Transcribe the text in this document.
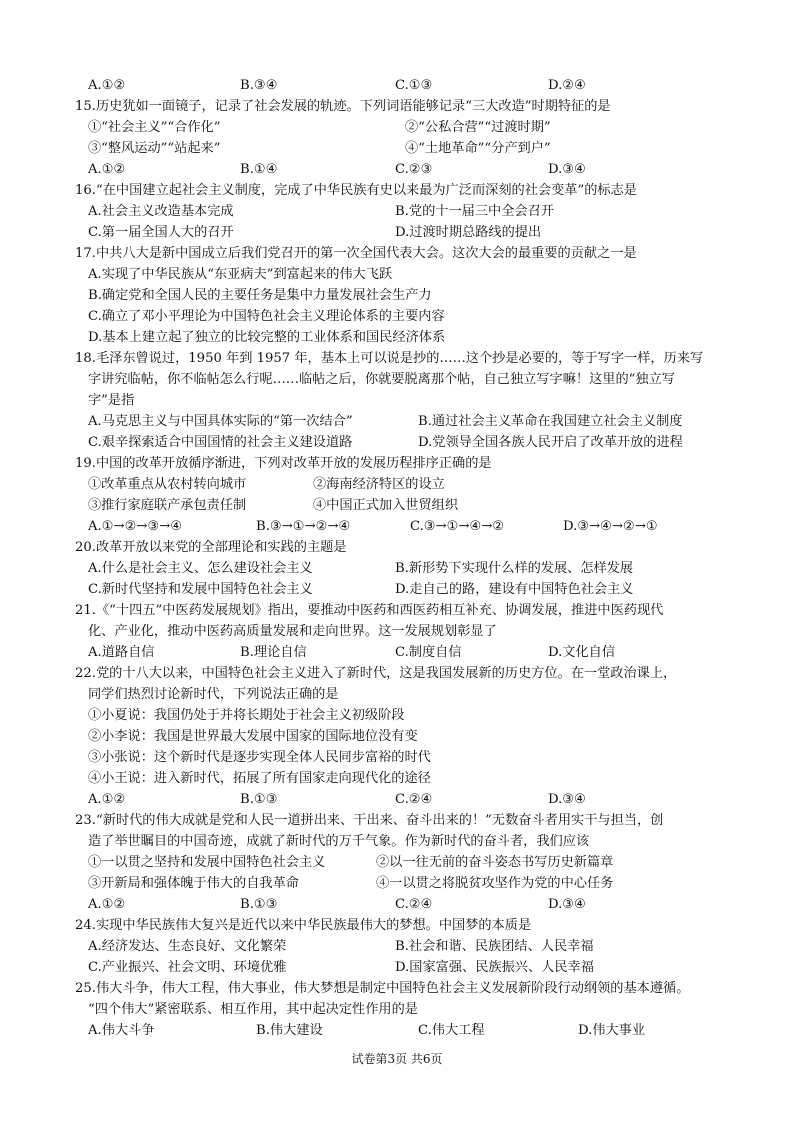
A.①②	B.③④	C.①③	D.②④
15.历史犹如一面镜子，记录了社会发展的轨迹。下列词语能够记录“三大改造”时期特征的是
①“社会主义”“合作化”	②“公私合营”“过渡时期”
③“整风运动”“站起来”	④“土地革命”“分产到户”
A.①②	B.①④	C.②③	D.③④
16.“在中国建立起社会主义制度，完成了中华民族有史以来最为广泛而深刻的社会变革”的标志是
A.社会主义改造基本完成	B.党的十一届三中全会召开
C.第一届全国人大的召开	D.过渡时期总路线的提出
17.中共八大是新中国成立后我们党召开的第一次全国代表大会。这次大会的最重要的贡献之一是
A.实现了中华民族从“东亚病夫”到富起来的伟大飞跃
B.确定党和全国人民的主要任务是集中力量发展社会生产力
C.确立了邓小平理论为中国特色社会主义理论体系的主要内容
D.基本上建立起了独立的比较完整的工业体系和国民经济体系
18.毛泽东曾说过，1950 年到 1957 年，基本上可以说是抄的……这个抄是必要的，等于写字一样，历来写
字讲究临帖，你不临帖怎么行呢……临帖之后，你就要脱离那个帖，自己独立写字嘛！这里的“独立写
字”是指
A.马克思主义与中国具体实际的“第一次结合”	B.通过社会主义革命在我国建立社会主义制度
C.艰辛探索适合中国国情的社会主义建设道路	D.党领导全国各族人民开启了改革开放的进程
19.中国的改革开放循序渐进，下列对改革开放的发展历程排序正确的是
①改革重点从农村转向城市	②海南经济特区的设立
③推行家庭联产承包责任制	④中国正式加入世贸组织
A.①→②→③→④	B.③→①→②→④	C.③→①→④→②	D.③→④→②→①
20.改革开放以来党的全部理论和实践的主题是
A.什么是社会主义、怎么建设社会主义	B.新形势下实现什么样的发展、怎样发展
C.新时代坚持和发展中国特色社会主义	D.走自己的路，建设有中国特色社会主义
21.《“十四五”中医药发展规划》指出，要推动中医药和西医药相互补充、协调发展，推进中医药现代
化、产业化，推动中医药高质量发展和走向世界。这一发展规划彰显了
A.道路自信	B.理论自信	C.制度自信	D.文化自信
22.党的十八大以来，中国特色社会主义进入了新时代，这是我国发展新的历史方位。在一堂政治课上，
同学们热烈讨论新时代，下列说法正确的是
①小夏说：我国仍处于并将长期处于社会主义初级阶段
②小李说：我国是世界最大发展中国家的国际地位没有变
③小张说：这个新时代是逐步实现全体人民同步富裕的时代
④小王说：进入新时代，拓展了所有国家走向现代化的途径
A.①②	B.①③	C.②④	D.③④
23.“新时代的伟大成就是党和人民一道拼出来、干出来、奋斗出来的！”无数奋斗者用实干与担当，创
造了举世瞩目的中国奇迹，成就了新时代的万千气象。作为新时代的奋斗者，我们应该
①一以贯之坚持和发展中国特色社会主义	②以一往无前的奋斗姿态书写历史新篇章
③开新局和强体魄于伟大的自我革命	④一以贯之将脱贫攻坚作为党的中心任务
A.①②	B.①③	C.②④	D.③④
24.实现中华民族伟大复兴是近代以来中华民族最伟大的梦想。中国梦的本质是
A.经济发达、生态良好、文化繁荣	B.社会和谐、民族团结、人民幸福
C.产业振兴、社会文明、环境优雅	D.国家富强、民族振兴、人民幸福
25.伟大斗争，伟大工程，伟大事业，伟大梦想是制定中国特色社会主义发展新阶段行动纲领的基本遵循。
“四个伟大”紧密联系、相互作用，其中起决定性作用的是
A.伟大斗争	B.伟大建设	C.伟大工程	D.伟大事业
试卷第3页 共6页
